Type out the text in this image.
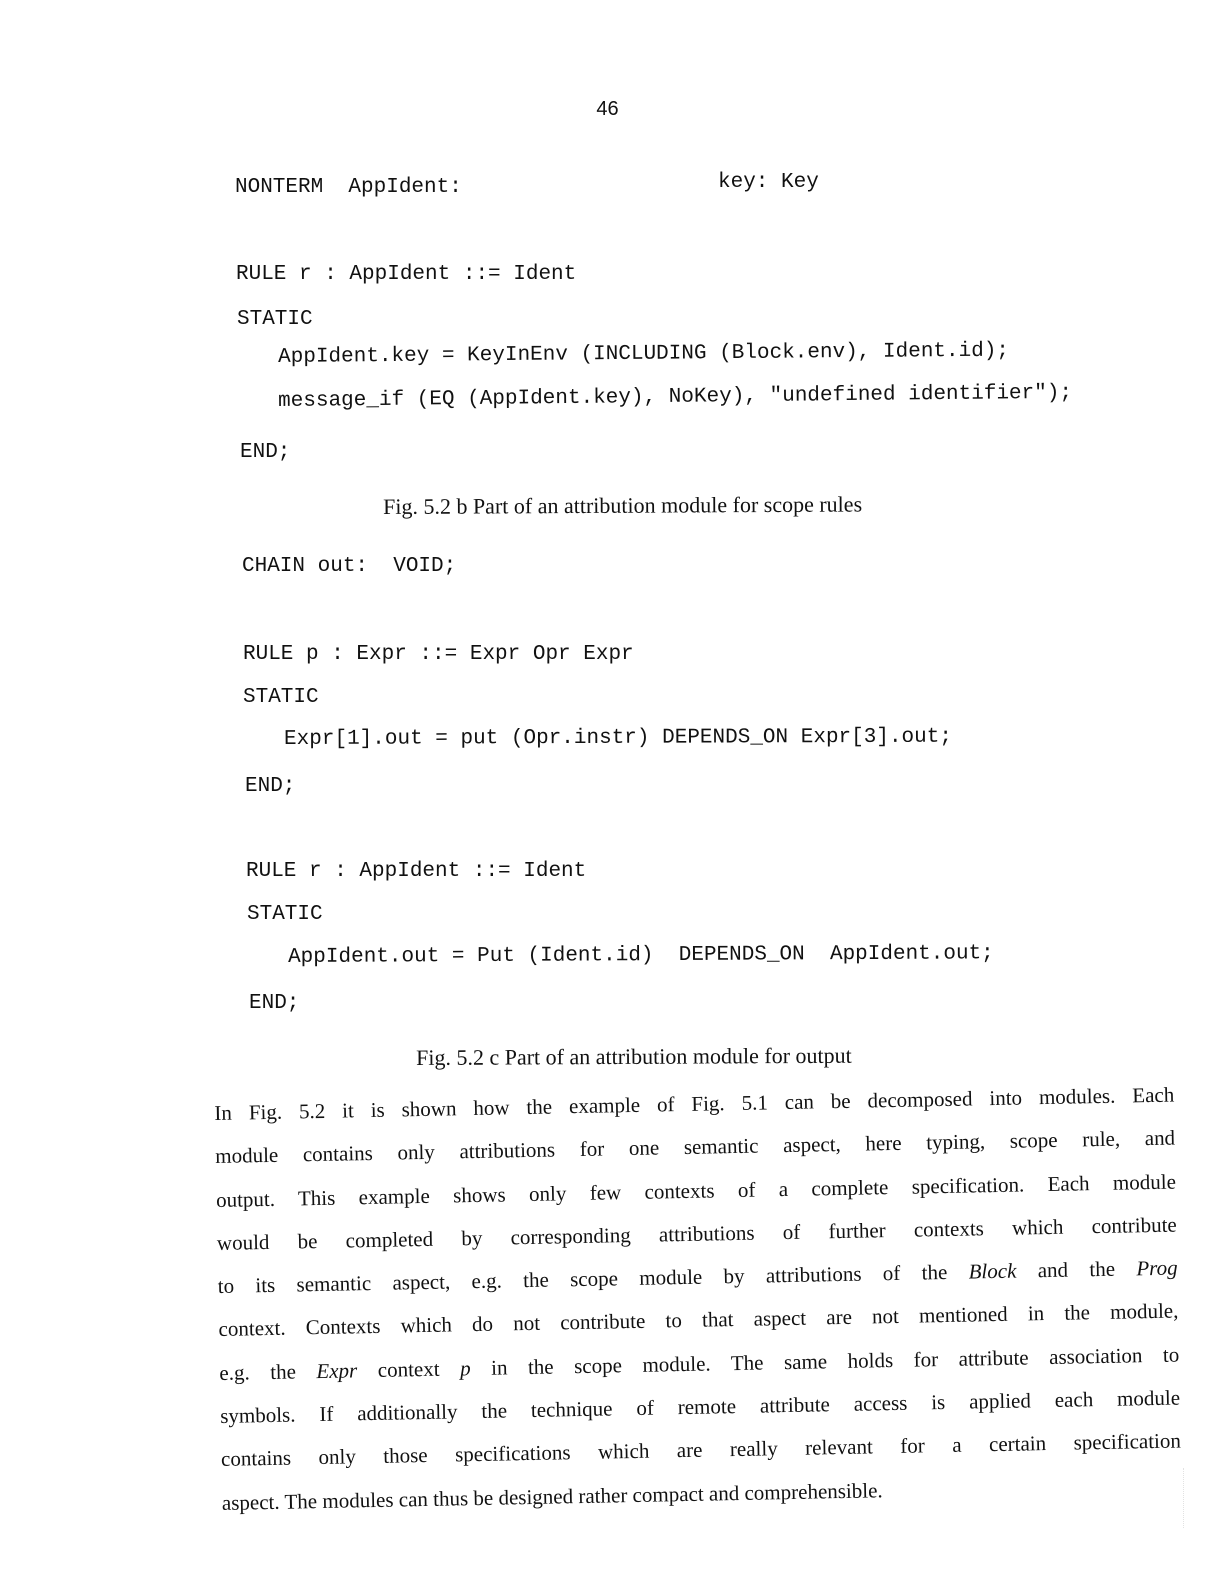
46

NONTERM  AppIdent:

	key: Key

RULE r : AppIdent ::= Ident

STATIC

AppIdent.key = KeyInEnv (INCLUDING (Block.env), Ident.id);

message_if (EQ (AppIdent.key), NoKey), "undefined identifier");

END;

Fig. 5.2 b Part of an attribution module for scope rules

CHAIN out:  VOID;

RULE p : Expr ::= Expr Opr Expr

STATIC

Expr[1].out = put (Opr.instr) DEPENDS_ON Expr[3].out;

END;

RULE r : AppIdent ::= Ident

STATIC

AppIdent.out = Put (Ident.id)  DEPENDS_ON  AppIdent.out;

END;

Fig. 5.2 c Part of an attribution module for output
In Fig. 5.2 it is shown how the example of Fig. 5.1 can be decomposed into modules. Each
module contains only attributions for one semantic aspect, here typing, scope rule, and
output. This example shows only few contexts of a complete specification. Each module
would be completed by corresponding attributions of further contexts which contribute
to its semantic aspect, e.g. the scope module by attributions of the Block and the Prog
context. Contexts which do not contribute to that aspect are not mentioned in the module,
e.g. the Expr context p in the scope module. The same holds for attribute association to
symbols. If additionally the technique of remote attribute access is applied each module
contains only those specifications which are really relevant for a certain specification
aspect. The modules can thus be designed rather compact and comprehensible.
